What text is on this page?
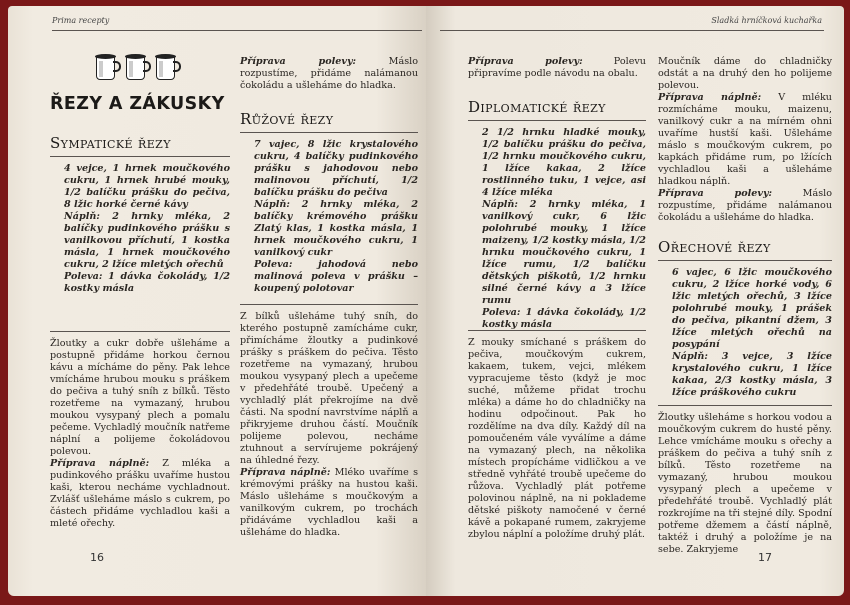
Prima recepty
ŘEZY A ZÁKUSKY
Sympatické řezy

4 vejce, 1 hrnek moučkového cukru, 1 hrnek hrubé mouky, 1/2 balíčku prášku do pečiva, 8 lžic horké černé kávy

Náplň: 2 hrnky mléka, 2 balíčky pudinkového prášku s vanilkovou příchutí, 1 kostka másla, 1 hrnek moučkového cukru, 2 lžíce mletých ořechů

Poleva: 1 dávka čokolády, 1/2 kostky másla

Žloutky a cukr dobře ušleháme a postupně přidáme horkou černou kávu a mícháme do pěny. Pak lehce vmícháme hrubou mouku s práškem do pečiva a tuhý sníh z bílků. Těsto rozetřeme na vymazaný, hrubou moukou vysypaný plech a pomalu pečeme. Vychladlý moučník natřeme náplní a polijeme čokoládovou polevou.

Příprava náplně: Z mléka a pudinkového prášku uvaříme hustou kaši, kterou necháme vychladnout. Zvlášť ušleháme máslo s cukrem, po částech přidáme vychladlou kaši a mleté ořechy.

Příprava polevy:	Máslo rozpustíme, přidáme nalámanou čokoládu a ušleháme do hladka.

Růžové řezy

7 vajec, 8 lžic krystalového cukru, 4 balíčky pudinkového prášku s jahodovou nebo malinovou příchutí, 1/2 balíčku prášku do pečiva

Náplň: 2 hrnky mléka, 2 balíčky krémového prášku Zlatý klas, 1 kostka másla, 1 hrnek moučkového cukru, 1 vanilkový cukr

Poleva:	jahodová nebo malinová poleva v prášku – koupený polotovar

Z bílků ušleháme tuhý sníh, do kterého postupně zamícháme cukr, přimícháme žloutky a pudinkové prášky s práškem do pečiva. Těsto rozetřeme na vymazaný, hrubou moukou vysypaný plech a upečeme v předehřáté troubě. Upečený a vychladlý plát překrojíme na dvě části. Na spodní navrstvíme náplň a přikryjeme druhou částí. Moučník polijeme polevou, necháme ztuhnout a servírujeme pokrájený na úhledné řezy.

Příprava náplně: Mléko uvaříme s krémovými prášky na hustou kaši. Máslo ušleháme s moučkovým a vanilkovým cukrem, po trochách přidáváme vychladlou kaši a ušleháme do hladka.

16
Sladká hrníčková kuchařka

Příprava polevy:	Polevu připravíme podle návodu na obalu.

Diplomatické řezy

2 1/2 hrnku hladké mouky, 1/2 balíčku prášku do pečiva, 1/2 hrnku moučkového cukru, 1 lžíce kakaa, 2 lžíce rostlinného tuku, 1 vejce, asi 4 lžíce mléka

Náplň: 2 hrnky mléka, 1 vanilkový cukr, 6 lžic polohrubé mouky, 1 lžíce maizeny, 1/2 kostky másla, 1/2 hrnku moučkového cukru, 1 lžíce rumu, 1/2 balíčku dětských piškotů, 1/2 hrnku silné černé kávy a 3 lžíce rumu

Poleva: 1 dávka čokolády, 1/2 kostky másla

Z mouky smíchané s práškem do pečiva, moučkovým cukrem, kakaem, tukem, vejci, mlékem vypracujeme těsto (když je moc suché, můžeme přidat trochu mléka) a dáme ho do chladničky na hodinu odpočinout. Pak ho rozdělíme na dva díly. Každý díl na pomoučeném vále vyválíme a dáme na vymazaný plech, na několika místech propícháme vidličkou a ve středně vyhřáté troubě upečeme do růžova. Vychladlý plát potřeme polovinou náplně, na ni poklademe dětské piškoty namočené v černé kávě a pokapané rumem, zakryjeme zbylou náplní a položíme druhý plát.

Moučník dáme do chladničky odstát a na druhý den ho polijeme polevou.

Příprava náplně: V mléku rozmícháme mouku, maizenu, vanilkový cukr a na mírném ohni uvaříme hustší kaši. Ušleháme máslo s moučkovým cukrem, po kapkách přidáme rum, po lžících vychladlou kaši a ušleháme hladkou náplň.

Příprava polevy:	Máslo rozpustíme, přidáme nalámanou čokoládu a ušleháme do hladka.

Ořechové řezy

6 vajec, 6 lžic moučkového cukru, 2 lžíce horké vody, 6 lžic mletých ořechů, 3 lžíce polohrubé mouky, 1 prášek do pečiva, pikantní džem, 3 lžíce mletých ořechů na posypání

Náplň: 3 vejce, 3 lžíce krystalového cukru, 1 lžíce kakaa, 2/3 kostky másla, 3 lžíce práškového cukru

Žloutky ušleháme s horkou vodou a moučkovým cukrem do husté pěny. Lehce vmícháme mouku s ořechy a práškem do pečiva a tuhý sníh z bílků. Těsto rozetřeme na vymazaný, hrubou moukou vysypaný plech a upečeme v předehřáté troubě. Vychladlý plát rozkrojíme na tři stejné díly. Spodní potřeme džemem a částí náplně, taktéž i druhý a položíme je na sebe. Zakryjeme

17
